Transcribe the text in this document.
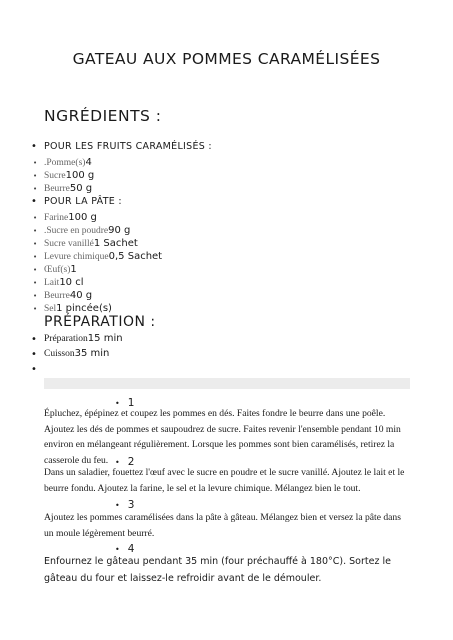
GATEAU AUX POMMES CARAMÉLISÉES
NGRÉDIENTS :
• POUR LES FRUITS CARAMÉLISÉS :
• .Pomme(s)4
• Sucre100 g
• Beurre50 g
• POUR LA PÂTE :
• Farine100 g
• .Sucre en poudre90 g
• Sucre vanillé1 Sachet
• Levure chimique0,5 Sachet
• Œuf(s)1
• Lait10 cl
• Beurre40 g
• Sel1 pincée(s)
PRÉPARATION :
• Préparation15 min
• Cuisson35 min
•
• 1
Épluchez, épépinez et coupez les pommes en dés. Faites fondre le beurre dans une poêle. Ajoutez les dés de pommes et saupoudrez de sucre. Faites revenir l'ensemble pendant 10 min environ en mélangeant régulièrement. Lorsque les pommes sont bien caramélisés, retirez la casserole du feu. • 2
Dans un saladier, fouettez l'œuf avec le sucre en poudre et le sucre vanillé. Ajoutez le lait et le beurre fondu. Ajoutez la farine, le sel et la levure chimique. Mélangez bien le tout.
• 3
Ajoutez les pommes caramélisées dans la pâte à gâteau. Mélangez bien et versez la pâte dans un moule légèrement beurré.
• 4
Enfournez le gâteau pendant 35 min (four préchauffé à 180°C). Sortez le gâteau du four et laissez-le refroidir avant de le démouler.
